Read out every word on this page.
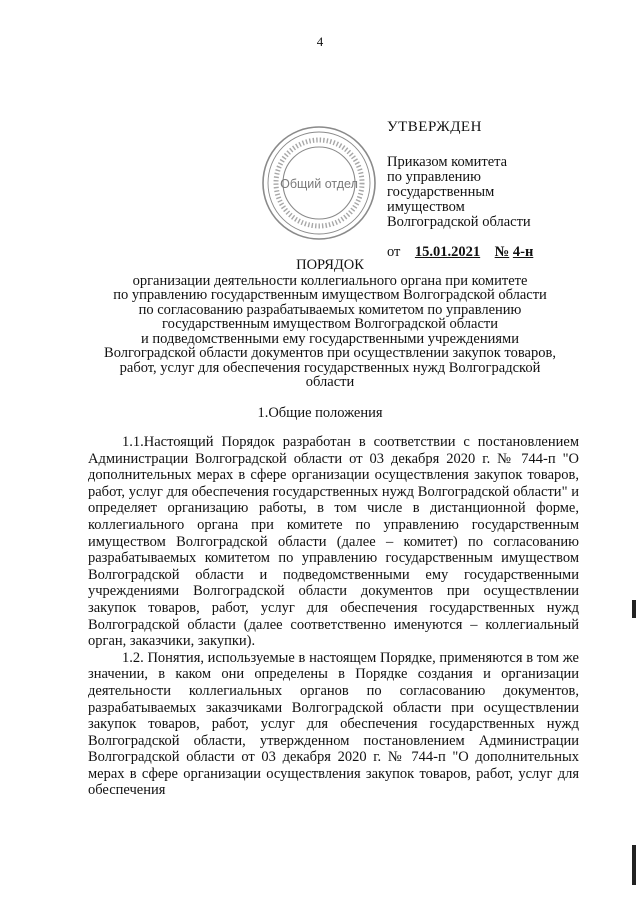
4
Общий отдел
УТВЕРЖДЕН
Приказом комитета
по управлению
государственным
имуществом
Волгоградской области
от 15.01.2021 № 4-н
ПОРЯДОК
организации деятельности коллегиального органа при комитете
по управлению государственным имуществом Волгоградской области
по согласованию разрабатываемых комитетом по управлению
государственным имуществом Волгоградской области
и подведомственными ему государственными учреждениями
Волгоградской области документов при осуществлении закупок товаров,
работ, услуг для обеспечения государственных нужд Волгоградской
области
1.Общие положения

1.1.Настоящий Порядок разработан в соответствии с постановлением Администрации Волгоградской области от 03 декабря 2020 г. № 744-п "О дополнительных мерах в сфере организации осуществления закупок товаров, работ, услуг для обеспечения государственных нужд Волгоградской области" и определяет организацию работы, в том числе в дистанционной форме, коллегиального органа при комитете по управлению государственным имуществом Волгоградской области (далее – комитет) по согласованию разрабатываемых комитетом по управлению государственным имуществом Волгоградской области и подведомственными ему государственными учреждениями Волгоградской области документов при осуществлении закупок товаров, работ, услуг для обеспечения государственных нужд Волгоградской области (далее соответственно именуются – коллегиальный орган, заказчики, закупки).

1.2. Понятия, используемые в настоящем Порядке, применяются в том же значении, в каком они определены в Порядке создания и организации деятельности коллегиальных органов по согласованию документов, разрабатываемых заказчиками Волгоградской области при осуществлении закупок товаров, работ, услуг для обеспечения государственных нужд Волгоградской области, утвержденном постановлением Администрации Волгоградской области от 03 декабря 2020 г. № 744-п "О дополнительных мерах в сфере организации осуществления закупок товаров, работ, услуг для обеспечения
